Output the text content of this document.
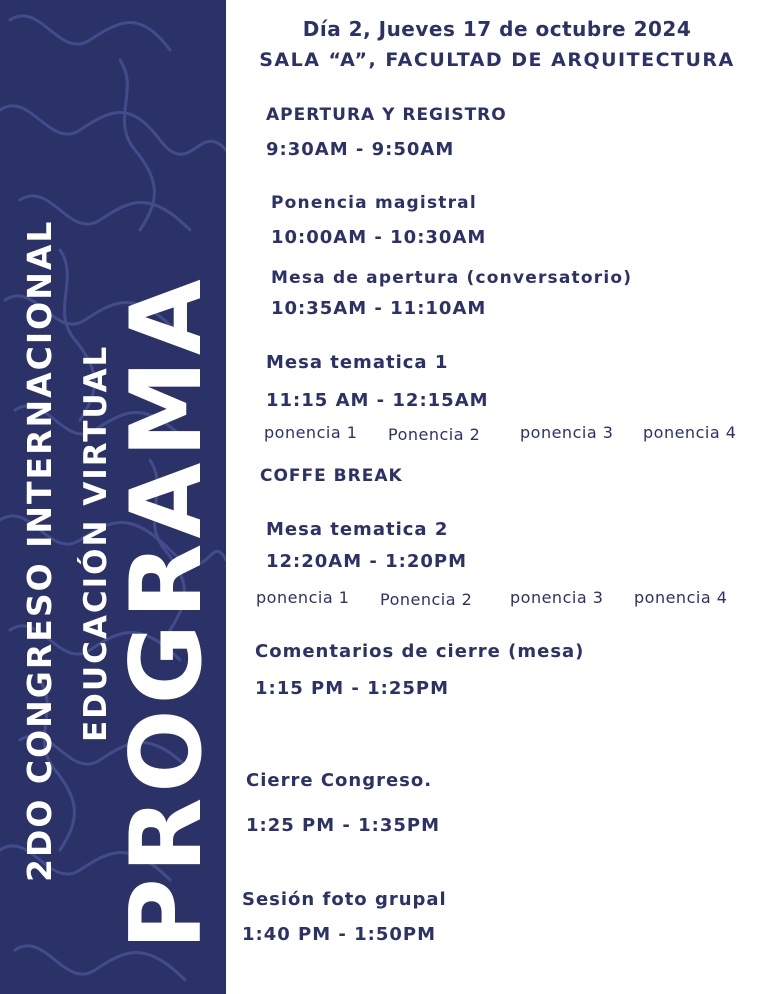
2DO CONGRESO INTERNACIONAL EDUCACIÓN VIRTUAL
PROGRAMA
Día 2, Jueves 17 de octubre 2024
SALA “A”, FACULTAD DE ARQUITECTURA
APERTURA Y REGISTRO
9:30AM - 9:50AM
Ponencia magistral
10:00AM - 10:30AM
Mesa de apertura (conversatorio)
10:35AM - 11:10AM
Mesa tematica 1
11:15 AM - 12:15AM
ponencia 1 Ponencia 2 ponencia 3 ponencia 4
COFFE BREAK
Mesa tematica 2
12:20AM - 1:20PM
ponencia 1 Ponencia 2 ponencia 3 ponencia 4
Comentarios de cierre (mesa)
1:15 PM - 1:25PM
Cierre Congreso.
1:25 PM - 1:35PM
Sesión foto grupal
1:40 PM - 1:50PM
